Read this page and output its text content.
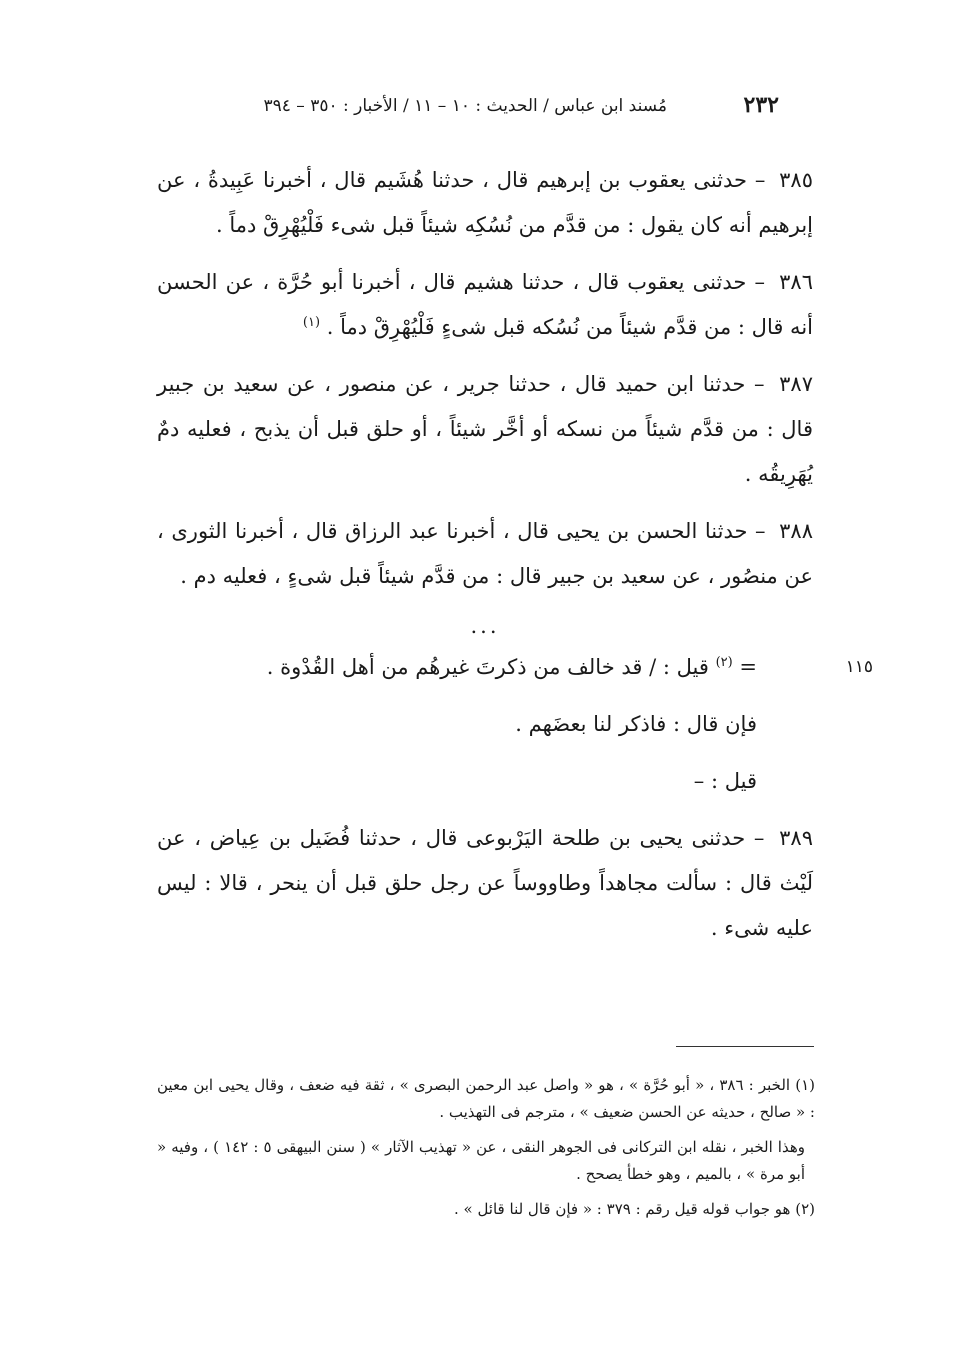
٢٣٢
مُسند ابن عباس / الحديث : ١٠ – ١١ / الأخبار : ٣٥٠ – ٣٩٤

٣٨٥ – حدثنى يعقوب بن إبرهيم قال ، حدثنا هُشَيم قال ، أخبرنا عَبِيدةُ ، عن إبرهيم أنه كان يقول : من قدَّم من نُسُكِه شيئاً قبل شىء فَلْيُهْرِقْ دماً .

٣٨٦ – حدثنى يعقوب قال ، حدثنا هشيم قال ، أخبرنا أبو حُرَّة ، عن الحسن أنه قال : من قدَّم شيئاً من نُسُكه قبل شىءٍ فَلْيُهْرِقْ دماً . $^{(١)}$

٣٨٧ – حدثنا ابن حميد قال ، حدثنا جرير ، عن منصور ، عن سعيد بن جبير قال : من قدَّم شيئاً من نسكه أو أخَّر شيئاً ، أو حلق قبل أن يذبح ، فعليه دمٌ يُهَرِيقُه .

٣٨٨ – حدثنا الحسن بن يحيى قال ، أخبرنا عبد الرزاق قال ، أخبرنا الثورى ، عن منصُور ، عن سعيد بن جبير قال : من قدَّم شيئاً قبل شىءٍ ، فعليه دم .

...

١١٥
= $^{(٢)}$ قيل : / قد خالف من ذكرتَ غيرهُم من أهل القُدْوة .

فإن قال : فاذكر لنا بعضَهم .

قيل : –

٣٨٩ – حدثنى يحيى بن طلحة اليَرْبوعى قال ، حدثنا فُضَيل بن عِياض ، عن لَيْث قال : سألت مجاهداً وطاووساً عن رجل حلق قبل أن ينحر ، قالا : ليس عليه شىء .

(١) الخبر : ٣٨٦ ، « أبو حُرَّة » ، هو « واصل عبد الرحمن البصرى » ، ثقة فيه ضعف ، وقال يحيى ابن معين : « صالح ، حديثه عن الحسن ضعيف » ، مترجم فى التهذيب .

وهذا الخبر ، نقله ابن التركانى فى الجوهر النقى ، عن « تهذيب الآثار » ( سنن البيهقى ٥ : ١٤٢ ) ، وفيه « أبو مرة » ، بالميم ، وهو خطأ يصحح .

(٢) هو جواب قوله قيل رقم : ٣٧٩ : « فإن قال لنا قائل » .
